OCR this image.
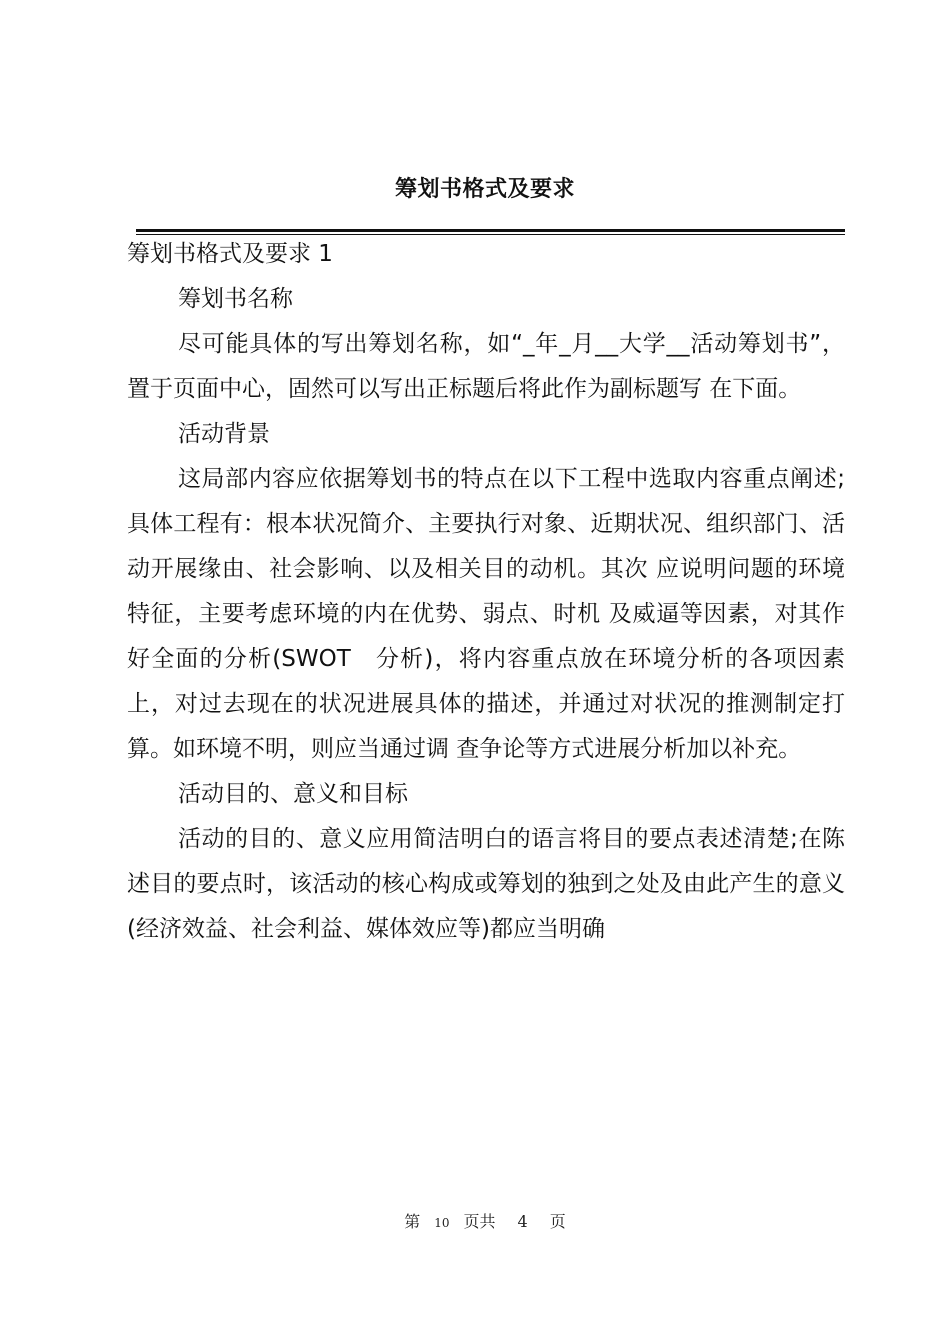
筹划书格式及要求

筹划书格式及要求 1

筹划书名称

尽可能具体的写出筹划名称，如“_年_月__大学__活动筹划书”，置于页面中心，固然可以写出正标题后将此作为副标题写 在下面。

活动背景

这局部内容应依据筹划书的特点在以下工程中选取内容重点阐述;具体工程有：根本状况简介、主要执行对象、近期状况、组织部门、活动开展缘由、社会影响、以及相关目的动机。其次 应说明问题的环境特征，主要考虑环境的内在优势、弱点、时机 及威逼等因素，对其作好全面的分析(SWOT 分析)，将内容重点放在环境分析的各项因素上，对过去现在的状况进展具体的描述，并通过对状况的推测制定打算。如环境不明，则应当通过调 查争论等方式进展分析加以补充。

活动目的、意义和目标

活动的目的、意义应用简洁明白的语言将目的要点表述清楚;在陈述目的要点时，该活动的核心构成或筹划的独到之处及由此产生的意义(经济效益、社会利益、媒体效应等)都应当明确

第 10 页共 4 页
